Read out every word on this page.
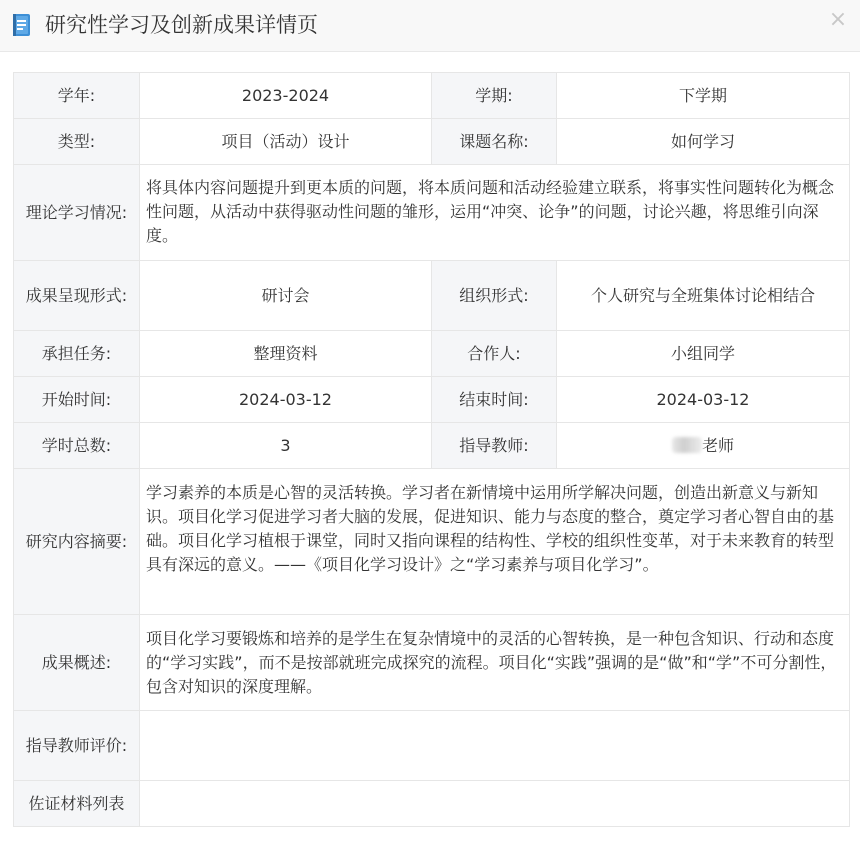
研究性学习及创新成果详情页	×
学年:	2023-2024	学期:	下学期
类型:	项目（活动）设计	课题名称:	如何学习
理论学习情况:	将具体内容问题提升到更本质的问题，将本质问题和活动经验建立联系，将事实性问题转化为概念性问题，从活动中获得驱动性问题的雏形，运用“冲突、论争”的问题，讨论兴趣，将思维引向深度。		
成果呈现形式:	研讨会	组织形式:	个人研究与全班集体讨论相结合
承担任务:	整理资料	合作人:	小组同学
开始时间:	2024-03-12	结束时间:	2024-03-12
学时总数:	3	指导教师:	老师
研究内容摘要:	学习素养的本质是心智的灵活转换。学习者在新情境中运用所学解决问题，创造出新意义与新知识。项目化学习促进学习者大脑的发展，促进知识、能力与态度的整合，奠定学习者心智自由的基础。项目化学习植根于课堂，同时又指向课程的结构性、学校的组织性变革，对于未来教育的转型具有深远的意义。——《项目化学习设计》之“学习素养与项目化学习”。		
成果概述:	项目化学习要锻炼和培养的是学生在复杂情境中的灵活的心智转换，是一种包含知识、行动和态度的“学习实践”，而不是按部就班完成探究的流程。项目化“实践”强调的是“做”和“学”不可分割性，包含对知识的深度理解。		
指导教师评价:			
佐证材料列表			
